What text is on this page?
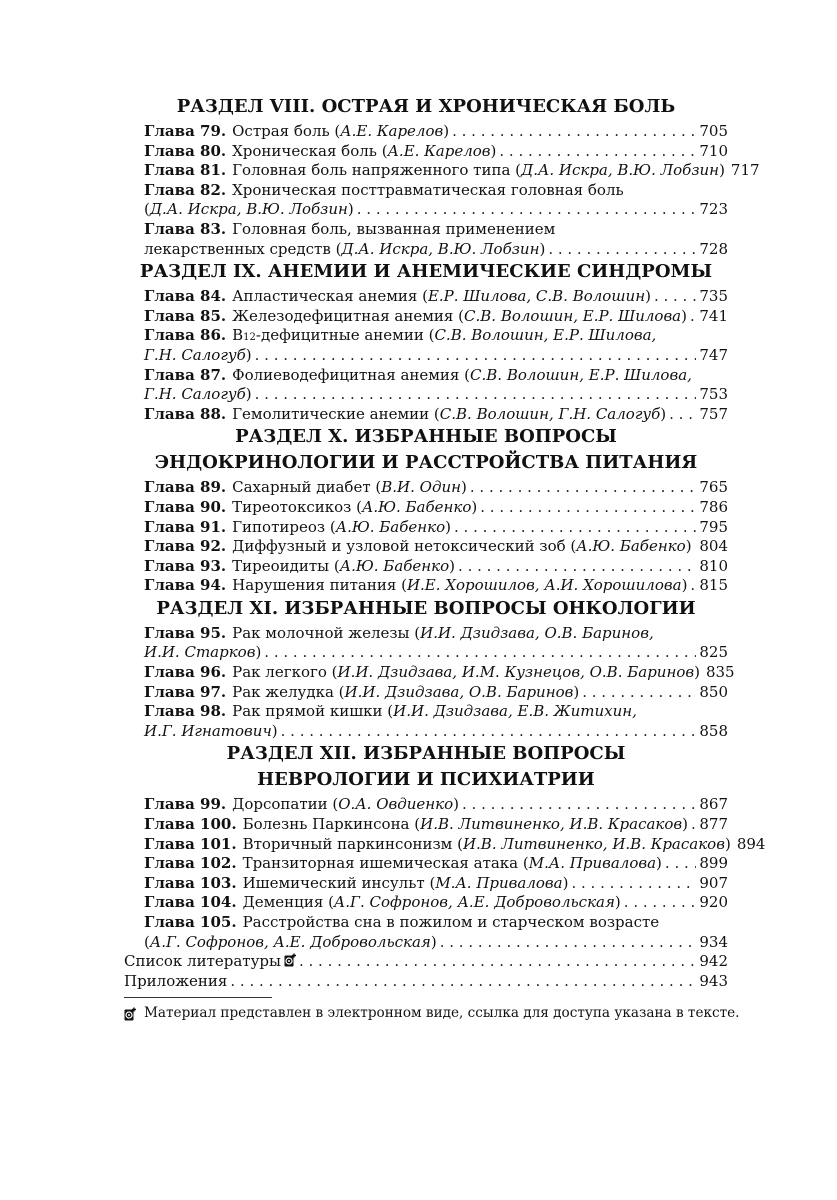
РАЗДЕЛ VIII. ОСТРАЯ И ХРОНИЧЕСКАЯ БОЛЬ
Глава 79. Острая боль ( А.Е. Карелов ) . . .	705
Глава 80. Хроническая боль ( А.Е. Карелов ) . . .	710
Глава 81. Головная боль напряженного типа ( Д.А. Искра, В.Ю. Лобзин ) 717
Глава 82. Хроническая посттравматическая головная боль
( Д.А. Искра, В.Ю. Лобзин ) . . .	723
Глава 83. Головная боль, вызванная применением
лекарственных средств ( Д.А. Искра, В.Ю. Лобзин ) . . .	728
РАЗДЕЛ IX. АНЕМИИ И АНЕМИЧЕСКИЕ СИНДРОМЫ
Глава 84. Апластическая анемия ( Е.Р. Шилова, С.В. Волошин ) . . .	735
Глава 85. Железодефицитная анемия ( С.В. Волошин, Е.Р. Шилова ) . . . 741
Глава 86. B 12 -дефицитные анемии ( С.В. Волошин, Е.Р. Шилова,
Г.Н. Салогуб ) . . .	747
Глава 87. Фолиеводефицитная анемия ( С.В. Волошин, Е.Р. Шилова,
Г.Н. Салогуб ) . . .	753
Глава 88. Гемолитические анемии ( С.В. Волошин, Г.Н. Салогуб ) . . . 757
РАЗДЕЛ X. ИЗБРАННЫЕ ВОПРОСЫ
ЭНДОКРИНОЛОГИИ И РАССТРОЙСТВА ПИТАНИЯ
Глава 89. Сахарный диабет ( В.И. Один ) . . .	765
Глава 90. Тиреотоксикоз ( А.Ю. Бабенко ) . . .	786
Глава 91. Гипотиреоз ( А.Ю. Бабенко ) . . .	795
Глава 92. Диффузный и узловой нетоксический зоб ( А.Ю. Бабенко ) . . . 804
Глава 93. Тиреоидиты ( А.Ю. Бабенко ) . . .	810
Глава 94. Нарушения питания ( И.Е. Хорошилов, А.И. Хорошилова ) . . . 815
РАЗДЕЛ XI. ИЗБРАННЫЕ ВОПРОСЫ ОНКОЛОГИИ
Глава 95. Рак молочной железы ( И.И. Дзидзава, О.В. Баринов,
И.И. Старков ) . . .	825
Глава 96. Рак легкого ( И.И. Дзидзава, И.М. Кузнецов, О.В. Баринов ) 835
Глава 97. Рак желудка ( И.И. Дзидзава, О.В. Баринов ) . . .	850
Глава 98. Рак прямой кишки ( И.И. Дзидзава, Е.В. Житихин,
И.Г. Игнатович ) . . .	858
РАЗДЕЛ XII. ИЗБРАННЫЕ ВОПРОСЫ
НЕВРОЛОГИИ И ПСИХИАТРИИ
Глава 99. Дорсопатии ( О.А. Овдиенко ) . . .	867
Глава 100. Болезнь Паркинсона ( И.В. Литвиненко, И.В. Красаков ) . . . 877
Глава 101. Вторичный паркинсонизм ( И.В. Литвиненко, И.В. Красаков ) 894
Глава 102. Транзиторная ишемическая атака ( М.А. Привалова ) . . . 899
Глава 103. Ишемический инсульт ( М.А. Привалова ) . . .	907
Глава 104. Деменция ( А.Г. Софронов, А.Е. Добровольская ) . . .	920
Глава 105. Расстройства сна в пожилом и старческом возрасте
( А.Г. Софронов, А.Е. Добровольская ) . . .	934
Список литературы . . .	942
Приложения . . .	943
Материал представлен в электронном виде, ссылка для доступа указана в тексте.
